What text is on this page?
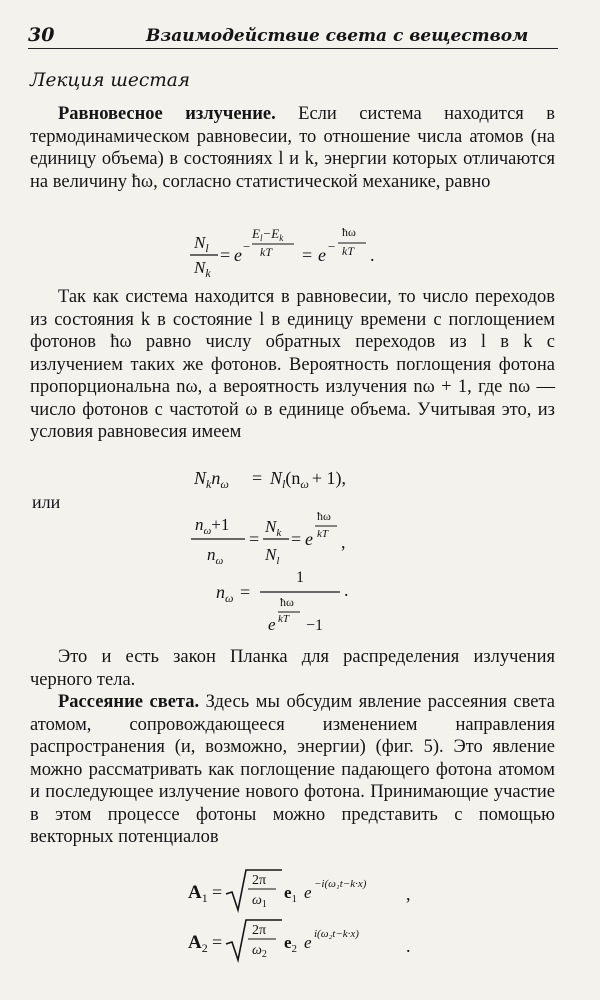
30	Взаимодействие света с веществом
Лекция шестая

Равновесное излучение. Если система находится в термодинамическом равновесии, то отношение числа атомов (на единицу объема) в состояниях l и k, энергии которых отличаются на величину ħω, согласно статистической механике, равно

$N_l$
$N_k$
= e −
$E_l-E_k$
kT = e −
ħω
kT .

Так как система находится в равновесии, то число переходов из состояния k в состояние l в единицу времени с поглощением фотонов ħω равно числу обратных переходов из l в k с излучением таких же фотонов. Вероятность поглощения фотона пропорциональна nω, а вероятность излучения nω + 1, где nω — число фотонов с частотой ω в единице объема. Учитывая это, из условия равновесия имеем

$N_kn_\omega = N_l(n_\omega + 1)$,
или
$n_\omega+1$
$n_\omega$
=
$N_k$
$N_l$
= e
ħω
kT ,
$n_\omega$ =
1
ħω
e kT −1
.

Это и есть закон Планка для распределения излучения черного тела.

Рассеяние света. Здесь мы обсудим явление рассеяния света атомом, сопровождающееся изменением направления распространения (и, возможно, энергии) (фиг. 5). Это явление можно рассматривать как поглощение падающего фотона атомом и последующее излучение нового фотона. Принимающие участие в этом процессе фотоны можно представить с помощью векторных потенциалов

$A_1$ =
2π
$\omega_1$
$e_1$ e −i(ω₁t−k·x) ,
$A_2$ =
2π
$\omega_2$
$e_2$ e i(ω₂t−k·x)
.
